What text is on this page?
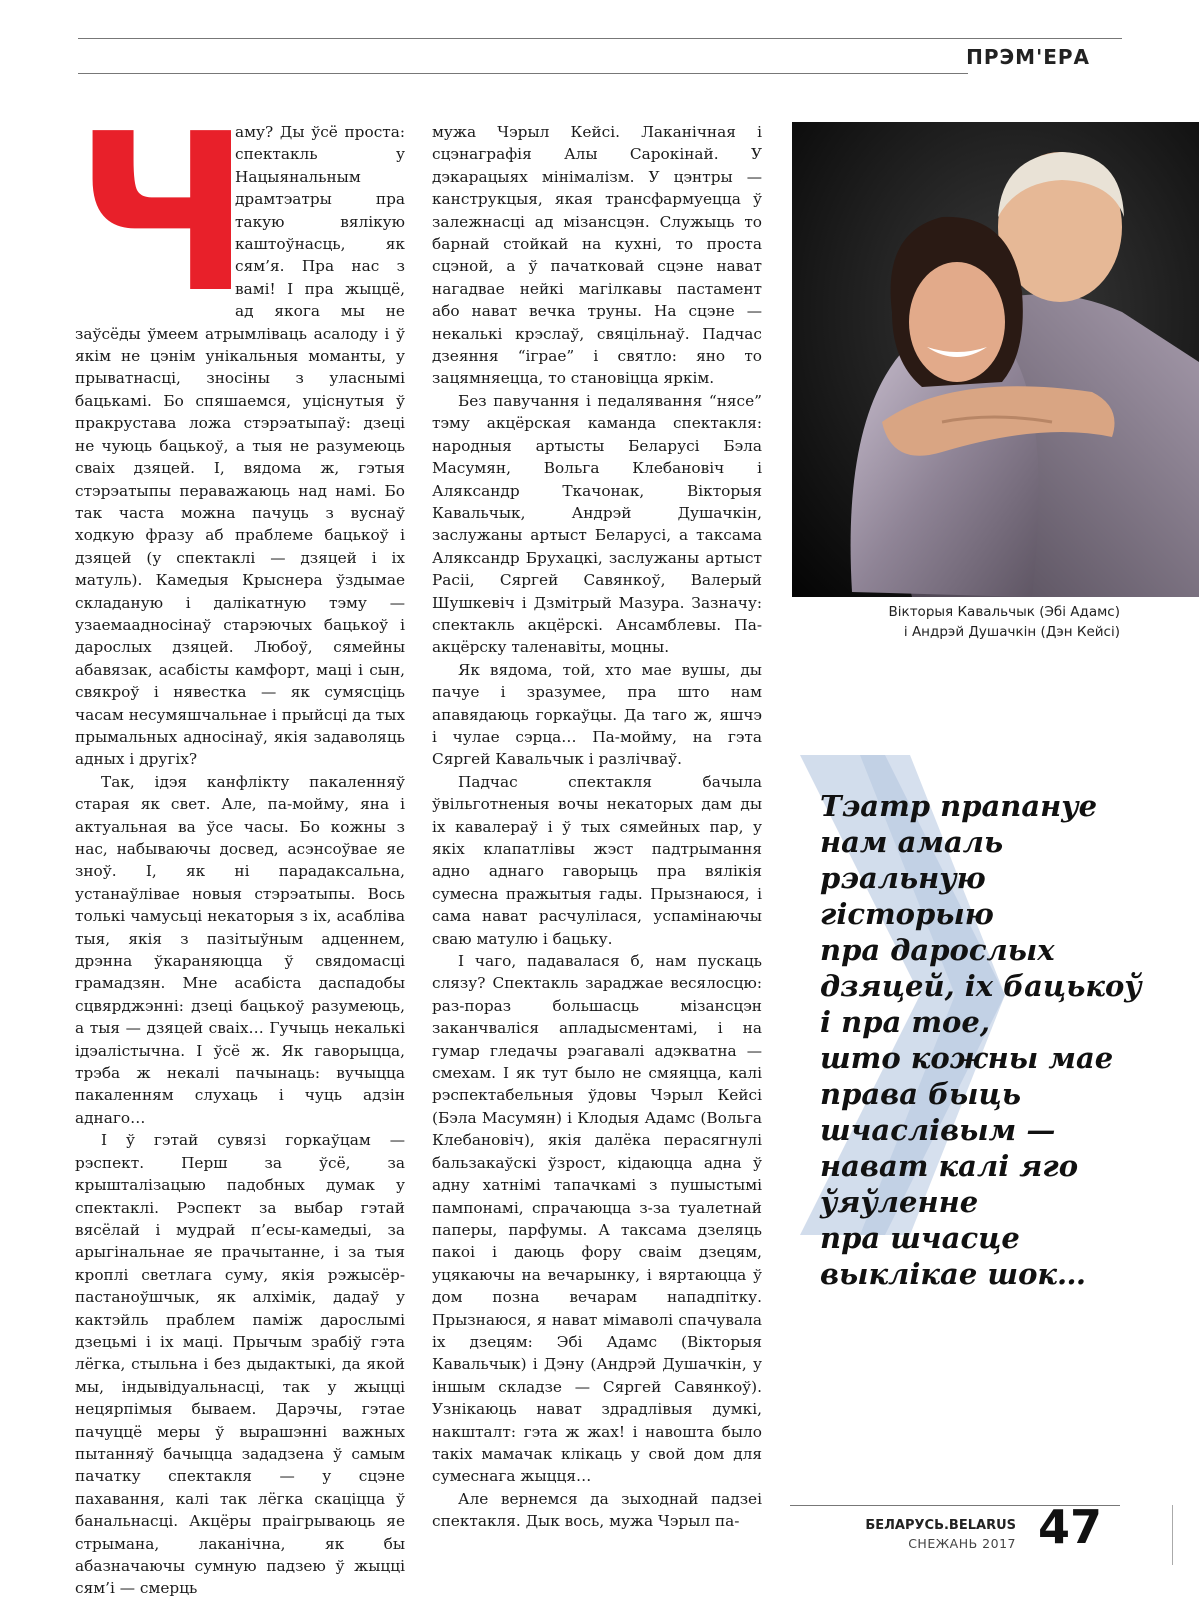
ПРЭМ'ЕРА

Ч
аму? Ды ўсё проста: спектакль у Нацыянальным драмтэатры пра такую вялікую каштоўнасць, як сям’я. Пра нас з вамі! І пра жыццё, ад якога мы не заўсёды ўмеем атрымліваць асалоду і ў якім не цэнім унікальныя моманты, у прыватнасці, зносіны з уласнымі бацькамі. Бо спяшаемся, уціснутыя ў пракрустава ложа стэрэатыпаў: дзеці не чуюць бацькоў, а тыя не разумеюць сваіх дзяцей. І, вядома ж, гэтыя стэрэатыпы пераважаюць над намі. Бо так часта можна пачуць з вуснаў ходкую фразу аб праблеме бацькоў і дзяцей (у спектаклі — дзяцей і іх матуль). Камедыя Крыснера ўздымае складаную і далікатную тэму — узаемаадносінаў старэючых бацькоў і дарослых дзяцей. Любоў, сямейны абавязак, асабісты камфорт, маці і сын, свякроў і нявестка — як сумясціць часам несумяшчальнае і прыйсці да тых прымальных адносінаў, якія задаволяць адных і другіх?

Так, ідэя канфлікту пакаленняў старая як свет. Але, па-мойму, яна і актуальная ва ўсе часы. Бо кожны з нас, набываючы досвед, асэнсоўвае яе зноў. І, як ні парадаксальна, устанаўлівае новыя стэрэатыпы. Вось толькі чамусьці некаторыя з іх, асабліва тыя, якія з пазітыўным адценнем, дрэнна ўкараняюцца ў свядомасці грамадзян. Мне асабіста даспадобы сцвярджэнні: дзеці бацькоў разумеюць, а тыя — дзяцей сваіх… Гучыць некалькі ідэалістычна. І ўсё ж. Як гаворыцца, трэба ж некалі пачынаць: вучыцца пакаленням слухаць і чуць адзін аднаго…

І ў гэтай сувязі горкаўцам — рэспект. Перш за ўсё, за крышталізацыю падобных думак у спектаклі. Рэспект за выбар гэтай вясёлай і мудрай п’есы-камедыі, за арыгінальнае яе прачытанне, і за тыя кроплі светлага суму, якія рэжысёр-пастаноўшчык, як алхімік, дадаў у кактэйль праблем паміж дарослымі дзецьмі і іх маці. Прычым зрабіў гэта лёгка, стыльна і без дыдактыкі, да якой мы, індывідуальнасці, так у жыцці нецярпімыя бываем. Дарэчы, гэтае пачуццё меры ў вырашэнні важных пытанняў бачыцца зададзена ў самым пачатку спектакля — у сцэне пахавання, калі так лёгка скаціцца ў банальнасці. Акцёры праігрываюць яе стрымана, лаканічна, як бы абазначаючы сумную падзею ў жыцці сям’і — смерць

мужа Чэрыл Кейсі. Лаканічная і сцэнаграфія Алы Сарокінай. У дэкарацыях мінімалізм. У цэнтры — канструкцыя, якая трансфармуецца ў залежнасці ад мізансцэн. Служыць то барнай стойкай на кухні, то проста сцэной, а ў пачатковай сцэне нават нагадвае нейкі магілкавы пастамент або нават вечка труны. На сцэне — некалькі крэслаў, свяцільнаў. Падчас дзеяння “іграе” і святло: яно то зацямняецца, то становіцца яркім.

Без павучання і педалявання “нясе” тэму акцёрская каманда спектакля: народныя артысты Беларусі Бэла Масумян, Вольга Клебановіч і Аляксандр Ткачонак, Вікторыя Кавальчык, Андрэй Душачкін, заслужаны артыст Беларусі, а таксама Аляксандр Брухацкі, заслужаны артыст Расіі, Сяргей Савянкоў, Валерый Шушкевіч і Дзмітрый Мазура. Зазначу: спектакль акцёрскі. Ансамблевы. Па-акцёрску таленавіты, моцны.

Як вядома, той, хто мае вушы, ды пачуе і зразумее, пра што нам апавядаюць горкаўцы. Да таго ж, яшчэ і чулае сэрца… Па-мойму, на гэта Сяргей Кавальчык і разлічваў.

Падчас спектакля бачыла ўвільготненыя вочы некаторых дам ды іх кавалераў і ў тых сямейных пар, у якіх клапатлівы жэст падтрымання адно аднаго гаворыць пра вялікія сумесна пражытыя гады. Прызнаюся, і сама нават расчулілася, успамінаючы сваю матулю і бацьку.

І чаго, падавалася б, нам пускаць слязу? Спектакль зараджае весялосцю: раз-пораз большасць мізансцэн заканчваліся апладысментамі, і на гумар гледачы рэагавалі адэкватна — смехам. І як тут было не смяяцца, калі рэспектабельныя ўдовы Чэрыл Кейсі (Бэла Масумян) і Клодыя Адамс (Вольга Клебановіч), якія далёка перасягнулі бальзакаўскі ўзрост, кідаюцца адна ў адну хатнімі тапачкамі з пушыстымі пампонамі, спрачаюцца з-за туалетнай паперы, парфумы. А таксама дзеляць пакоі і даюць фору сваім дзецям, уцякаючы на вечарынку, і вяртаюцца ў дом позна вечарам нападпітку. Прызнаюся, я нават мімаволі спачувала іх дзецям: Эбі Адамс (Вікторыя Кавальчык) і Дэну (Андрэй Душачкін, у іншым складзе — Сяргей Савянкоў). Узнікаюць нават здрадлівыя думкі, накшталт: гэта ж жах! і навошта было такіх мамачак клікаць у свой дом для сумеснага жыцця…

Але вернемся да зыходнай падзеі спектакля. Дык вось, мужа Чэрыл па-

Вікторыя Кавальчык (Эбі Адамс)
і Андрэй Душачкін (Дэн Кейсі)
Тэатр прапануе
нам амаль
рэальную
гісторыю
пра дарослых
дзяцей, іх бацькоў
і пра тое,
што кожны мае
права быць
шчаслівым —
нават калі яго
ўяўленне
пра шчасце
выклікае шок…
БЕЛАРУСЬ.BELARUS
СНЕЖАНЬ 2017 47
